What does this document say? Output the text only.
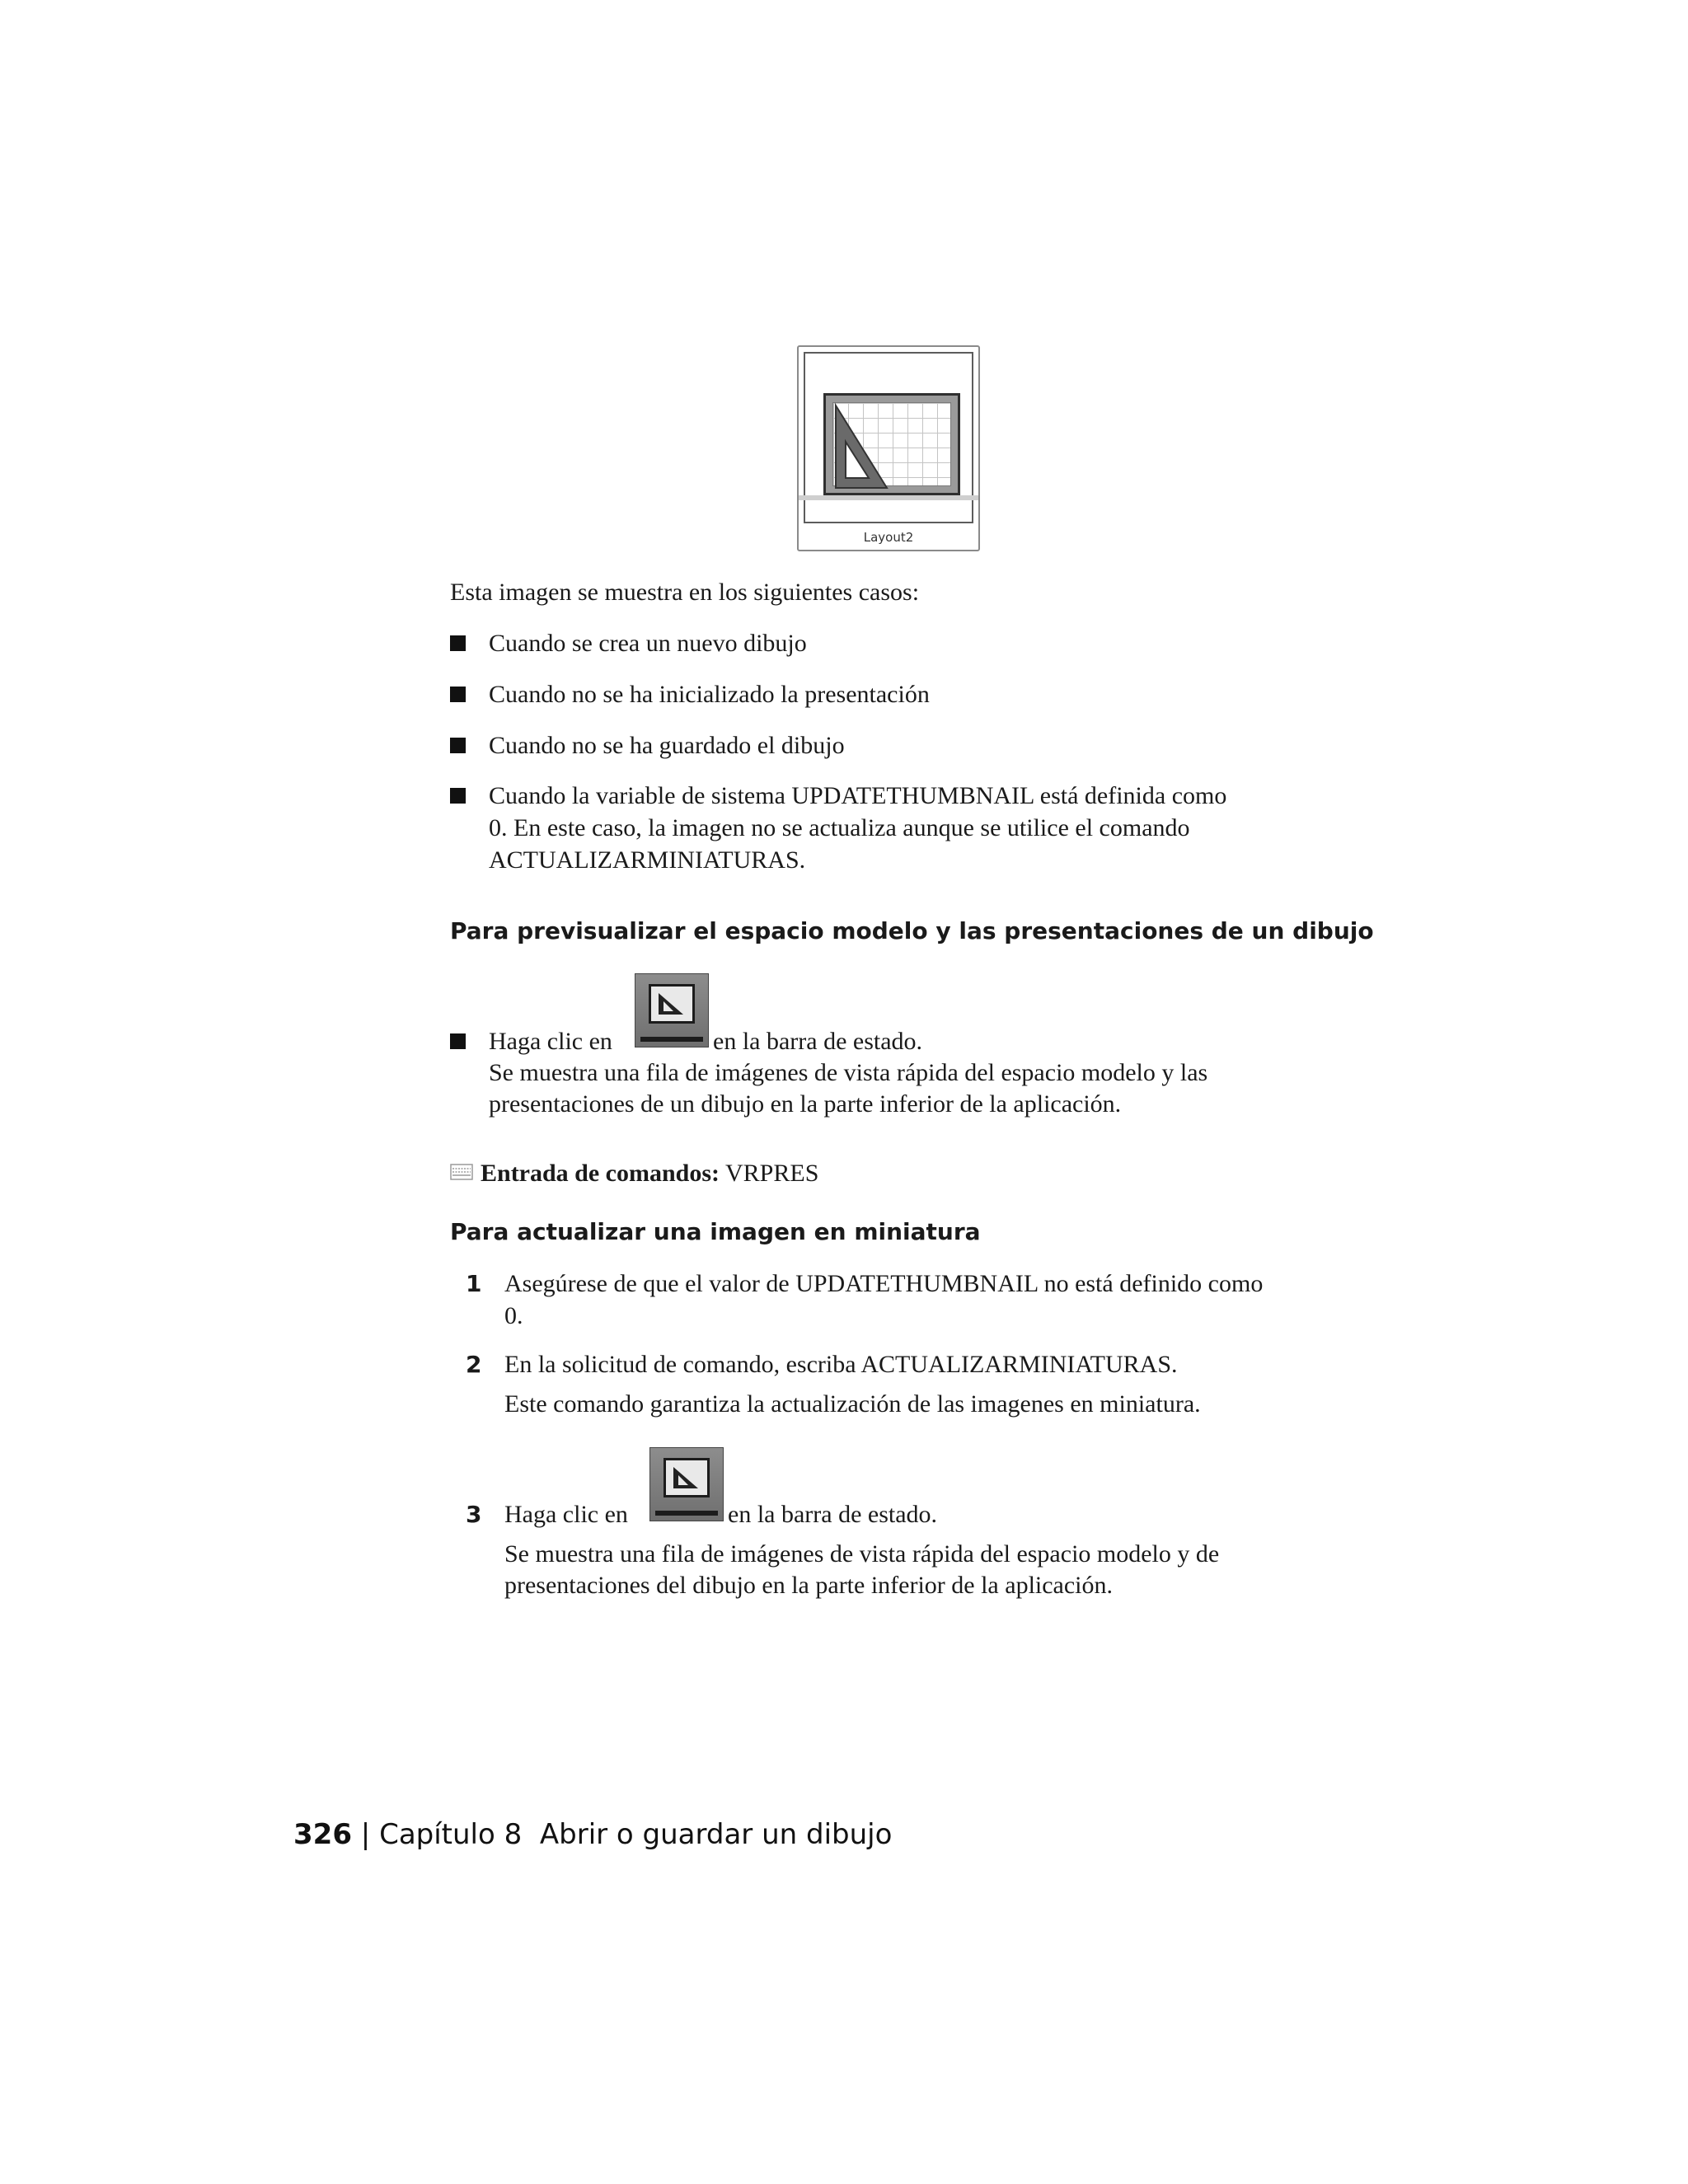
Layout2
Esta imagen se muestra en los siguientes casos:
Cuando se crea un nuevo dibujo
Cuando no se ha inicializado la presentación
Cuando no se ha guardado el dibujo
Cuando la variable de sistema UPDATETHUMBNAIL está definida como
0. En este caso, la imagen no se actualiza aunque se utilice el comando
ACTUALIZARMINIATURAS.
Para previsualizar el espacio modelo y las presentaciones de un dibujo
Haga clic en	en la barra de estado.
Se muestra una fila de imágenes de vista rápida del espacio modelo y las
presentaciones de un dibujo en la parte inferior de la aplicación.
Entrada de comandos: VRPRES
Para actualizar una imagen en miniatura
1 Asegúrese de que el valor de UPDATETHUMBNAIL no está definido como
0.
2 En la solicitud de comando, escriba ACTUALIZARMINIATURAS.
Este comando garantiza la actualización de las imagenes en miniatura.
3 Haga clic en	en la barra de estado.
Se muestra una fila de imágenes de vista rápida del espacio modelo y de
presentaciones del dibujo en la parte inferior de la aplicación.
326 | Capítulo 8 Abrir o guardar un dibujo
